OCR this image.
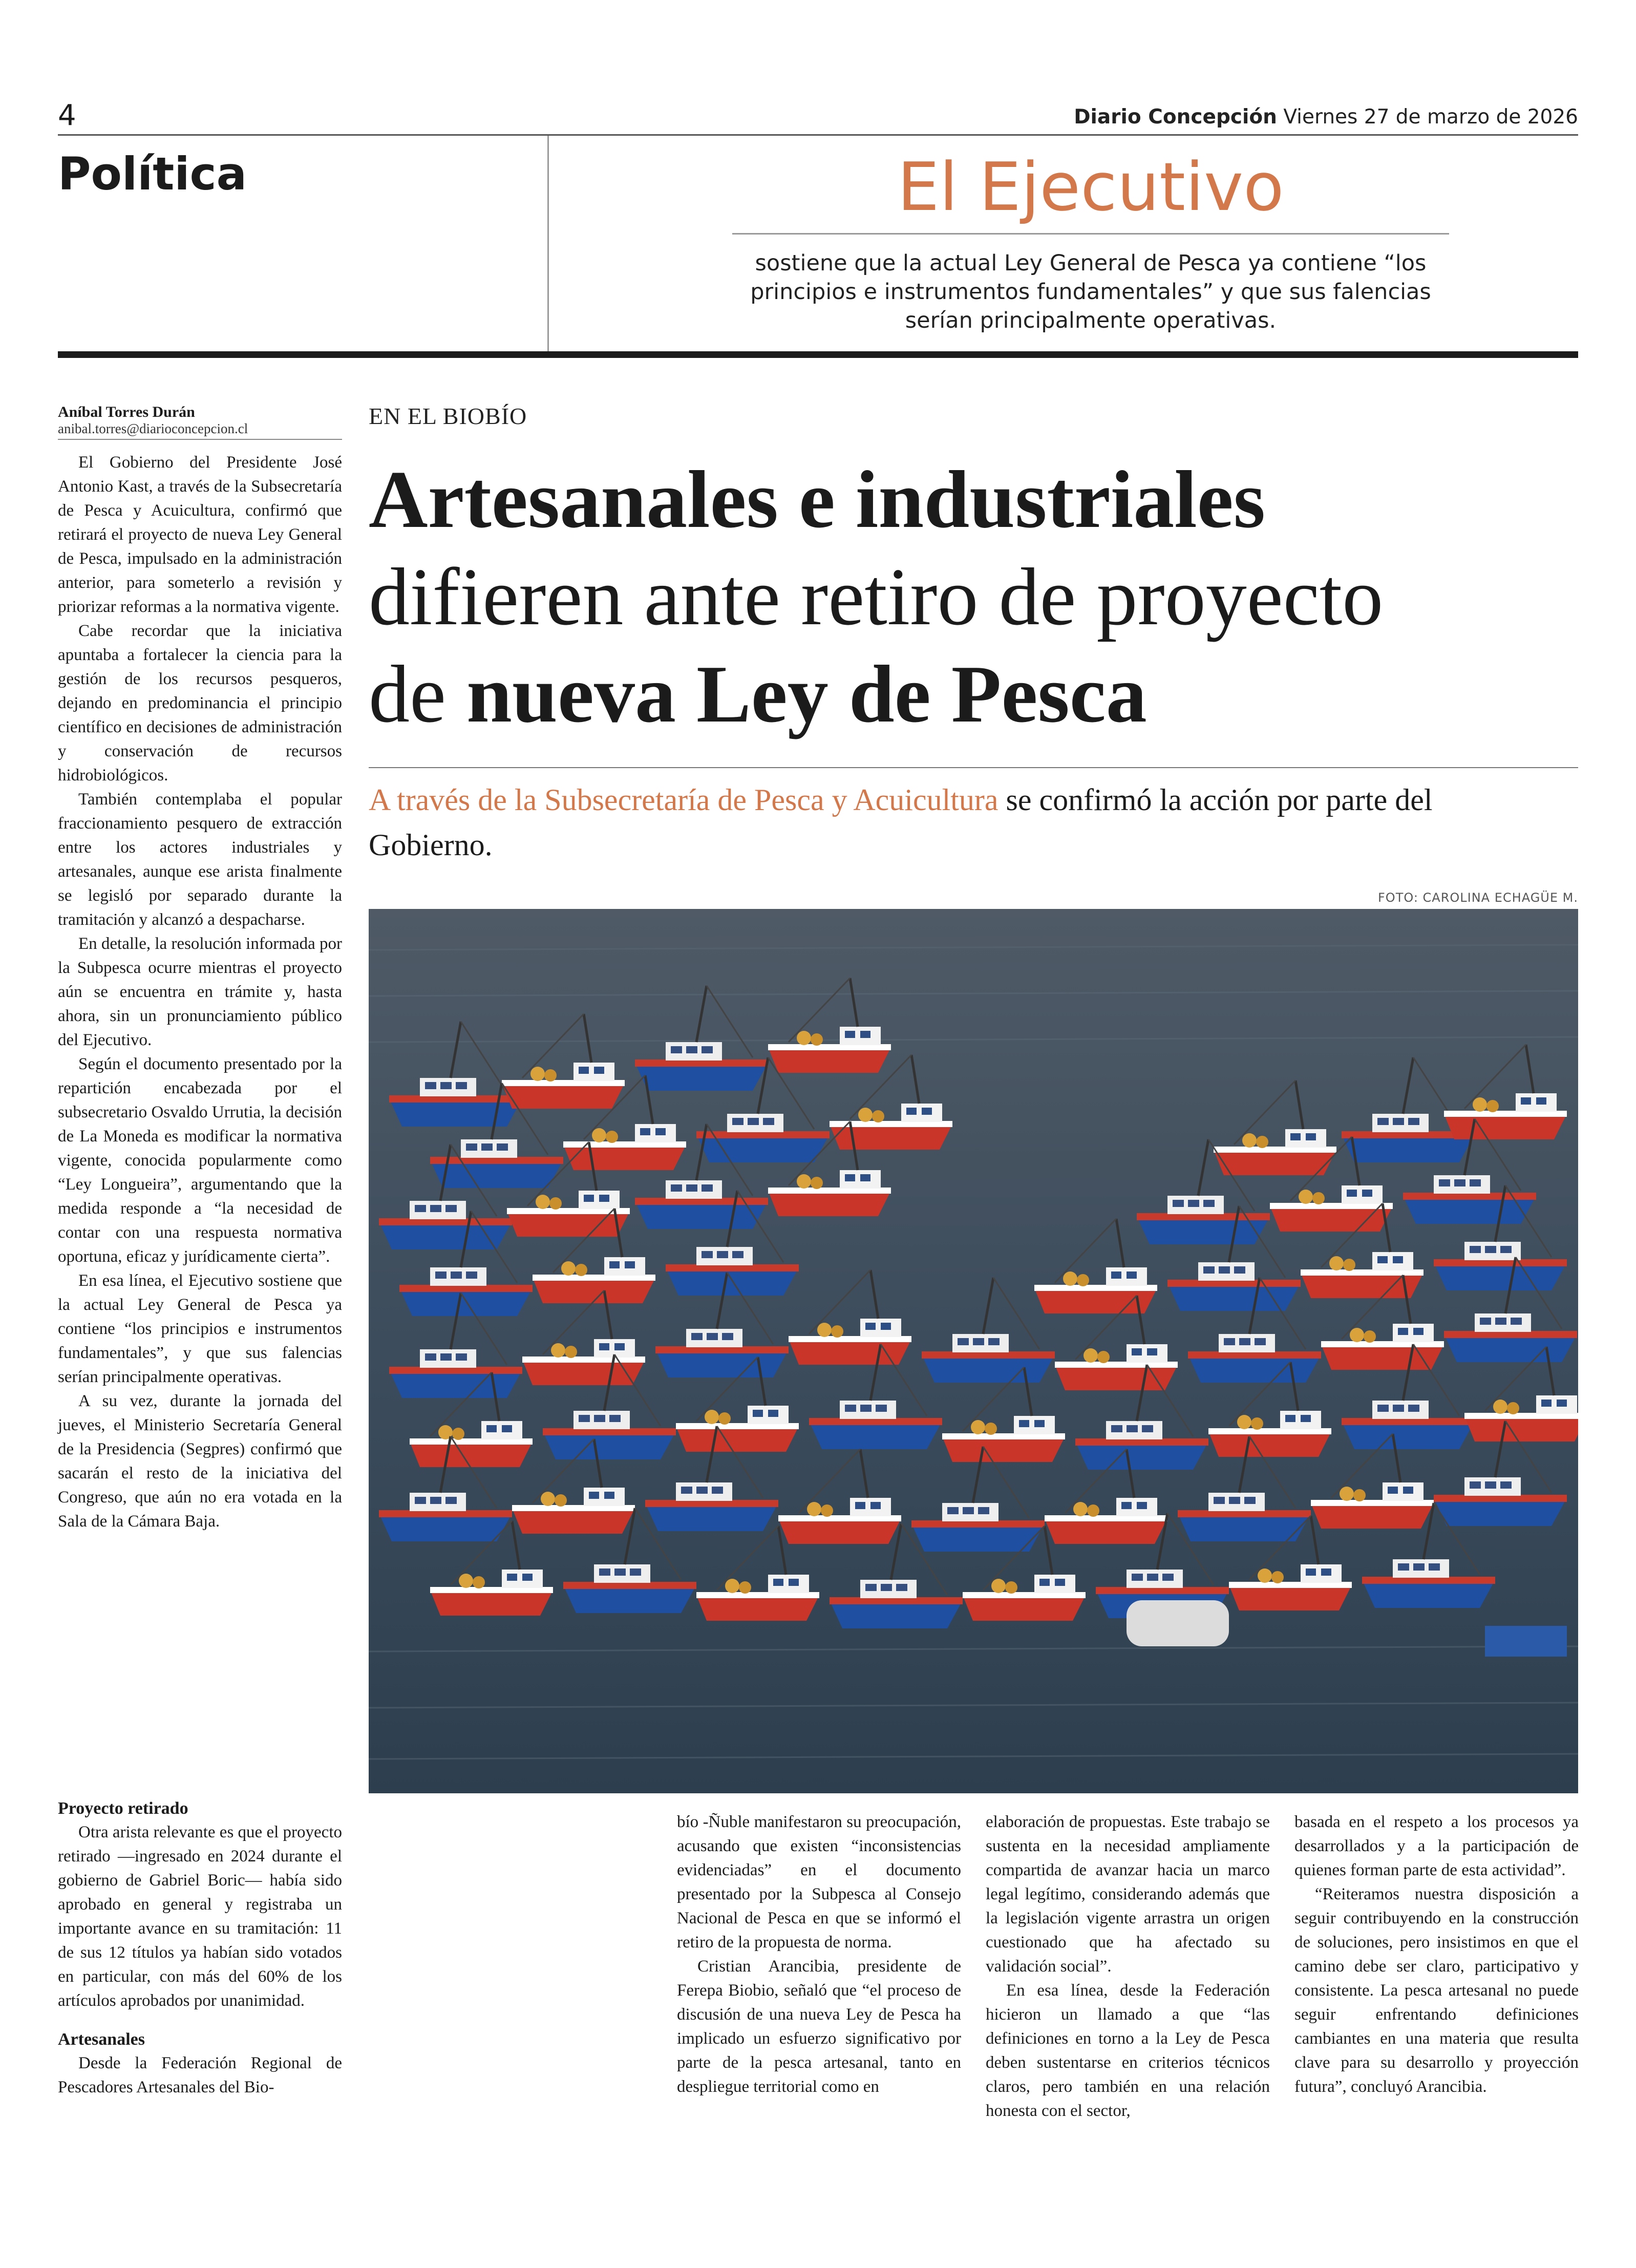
4	Diario Concepción Viernes 27 de marzo de 2026
Política	El Ejecutivo
sostiene que la actual Ley General de Pesca ya contiene “los principios e instrumentos fundamentales” y que sus falencias serían principalmente operativas.
Aníbal Torres Durán
anibal.torres@diarioconcepcion.cl	EN EL BIOBÍO
Artesanales e industriales
difieren ante retiro de proyecto
de nueva Ley de Pesca
A través de la Subsecretaría de Pesca y Acuicultura se confirmó la acción por parte del Gobierno.
FOTO: CAROLINA ECHAGÜE M.

El Gobierno del Presidente José Antonio Kast, a través de la Subsecretaría de Pesca y Acuicultura, confirmó que retirará el proyecto de nueva Ley General de Pesca, impulsado en la administración anterior, para someterlo a revisión y priorizar reformas a la normativa vigente.

Cabe recordar que la iniciativa apuntaba a fortalecer la ciencia para la gestión de los recursos pesqueros, dejando en predominancia el principio científico en decisiones de administración y conservación de recursos hidrobiológicos.

También contemplaba el popular fraccionamiento pesquero de extracción entre los actores industriales y artesanales, aunque ese arista finalmente se legisló por separado durante la tramitación y alcanzó a despacharse.

En detalle, la resolución informada por la Subpesca ocurre mientras el proyecto aún se encuentra en trámite y, hasta ahora, sin un pronunciamiento público del Ejecutivo.

Según el documento presentado por la repartición encabezada por el subsecretario Osvaldo Urrutia, la decisión de La Moneda es modificar la normativa vigente, conocida popularmente como “Ley Longueira”, argumentando que la medida responde a “la necesidad de contar con una respuesta normativa oportuna, eficaz y jurídicamente cierta”.

En esa línea, el Ejecutivo sostiene que la actual Ley General de Pesca ya contiene “los principios e instrumentos fundamentales”, y que sus falencias serían principalmente operativas.

A su vez, durante la jornada del jueves, el Ministerio Secretaría General de la Presidencia (Segpres) confirmó que sacarán el resto de la iniciativa del Congreso, que aún no era votada en la Sala de la Cámara Baja.

Proyecto retirado

Otra arista relevante es que el proyecto retirado —ingresado en 2024 durante el gobierno de Gabriel Boric— había sido aprobado en general y registraba un importante avance en su tramitación: 11 de sus 12 títulos ya habían sido votados en particular, con más del 60% de los artículos aprobados por unanimidad.

Artesanales

Desde la Federación Regional de Pescadores Artesanales del Bio-

bío -Ñuble manifestaron su preocupación, acusando que existen “inconsistencias evidenciadas” en el documento presentado por la Subpesca al Consejo Nacional de Pesca en que se informó el retiro de la propuesta de norma.

Cristian Arancibia, presidente de Ferepa Biobio, señaló que “el proceso de discusión de una nueva Ley de Pesca ha implicado un esfuerzo significativo por parte de la pesca artesanal, tanto en despliegue territorial como en

elaboración de propuestas. Este trabajo se sustenta en la necesidad ampliamente compartida de avanzar hacia un marco legal legítimo, considerando además que la legislación vigente arrastra un origen cuestionado que ha afectado su validación social”.

En esa línea, desde la Federación hicieron un llamado a que “las definiciones en torno a la Ley de Pesca deben sustentarse en criterios técnicos claros, pero también en una relación honesta con el sector,

basada en el respeto a los procesos ya desarrollados y a la participación de quienes forman parte de esta actividad”.

“Reiteramos nuestra disposición a seguir contribuyendo en la construcción de soluciones, pero insistimos en que el camino debe ser claro, participativo y consistente. La pesca artesanal no puede seguir enfrentando definiciones cambiantes en una materia que resulta clave para su desarrollo y proyección futura”, concluyó Arancibia.
